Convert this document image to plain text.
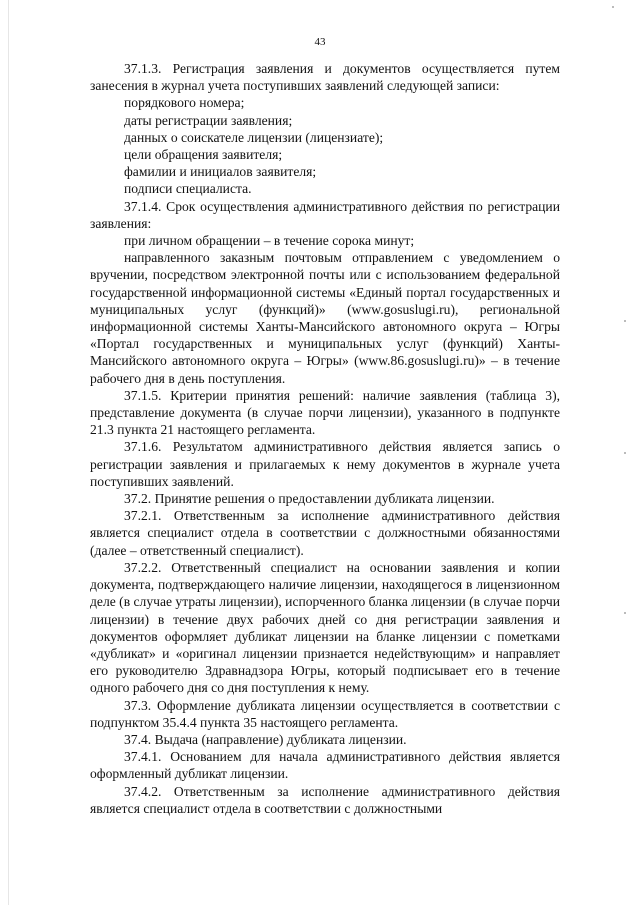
43

37.1.3. Регистрация заявления и документов осуществляется путем занесения в журнал учета поступивших заявлений следующей записи:

порядкового номера;

даты регистрации заявления;

данных о соискателе лицензии (лицензиате);

цели обращения заявителя;

фамилии и инициалов заявителя;

подписи специалиста.

37.1.4. Срок осуществления административного действия по регистрации заявления:

при личном обращении – в течение сорока минут;

направленного заказным почтовым отправлением с уведомлением о вручении, посредством электронной почты или с использованием федеральной государственной информационной системы «Единый портал государственных и муниципальных услуг (функций)» (www.gosuslugi.ru), региональной информационной системы Ханты-Мансийского автономного округа – Югры «Портал государственных и муниципальных услуг (функций) Ханты-Мансийского автономного округа – Югры» (www.86.gosuslugi.ru)» – в течение рабочего дня в день поступления.

37.1.5. Критерии принятия решений: наличие заявления (таблица 3), представление документа (в случае порчи лицензии), указанного в подпункте 21.3 пункта 21 настоящего регламента.

37.1.6. Результатом административного действия является запись о регистрации заявления и прилагаемых к нему документов в журнале учета поступивших заявлений.

37.2. Принятие решения о предоставлении дубликата лицензии.

37.2.1. Ответственным за исполнение административного действия является специалист отдела в соответствии с должностными обязанностями (далее – ответственный специалист).

37.2.2. Ответственный специалист на основании заявления и копии документа, подтверждающего наличие лицензии, находящегося в лицензионном деле (в случае утраты лицензии), испорченного бланка лицензии (в случае порчи лицензии) в течение двух рабочих дней со дня регистрации заявления и документов оформляет дубликат лицензии на бланке лицензии с пометками «дубликат» и «оригинал лицензии признается недействующим» и направляет его руководителю Здравнадзора Югры, который подписывает его в течение одного рабочего дня со дня поступления к нему.

37.3. Оформление дубликата лицензии осуществляется в соответствии с подпунктом 35.4.4 пункта 35 настоящего регламента.

37.4. Выдача (направление) дубликата лицензии.

37.4.1. Основанием для начала административного действия является оформленный дубликат лицензии.

37.4.2. Ответственным за исполнение административного действия является специалист отдела в соответствии с должностными
